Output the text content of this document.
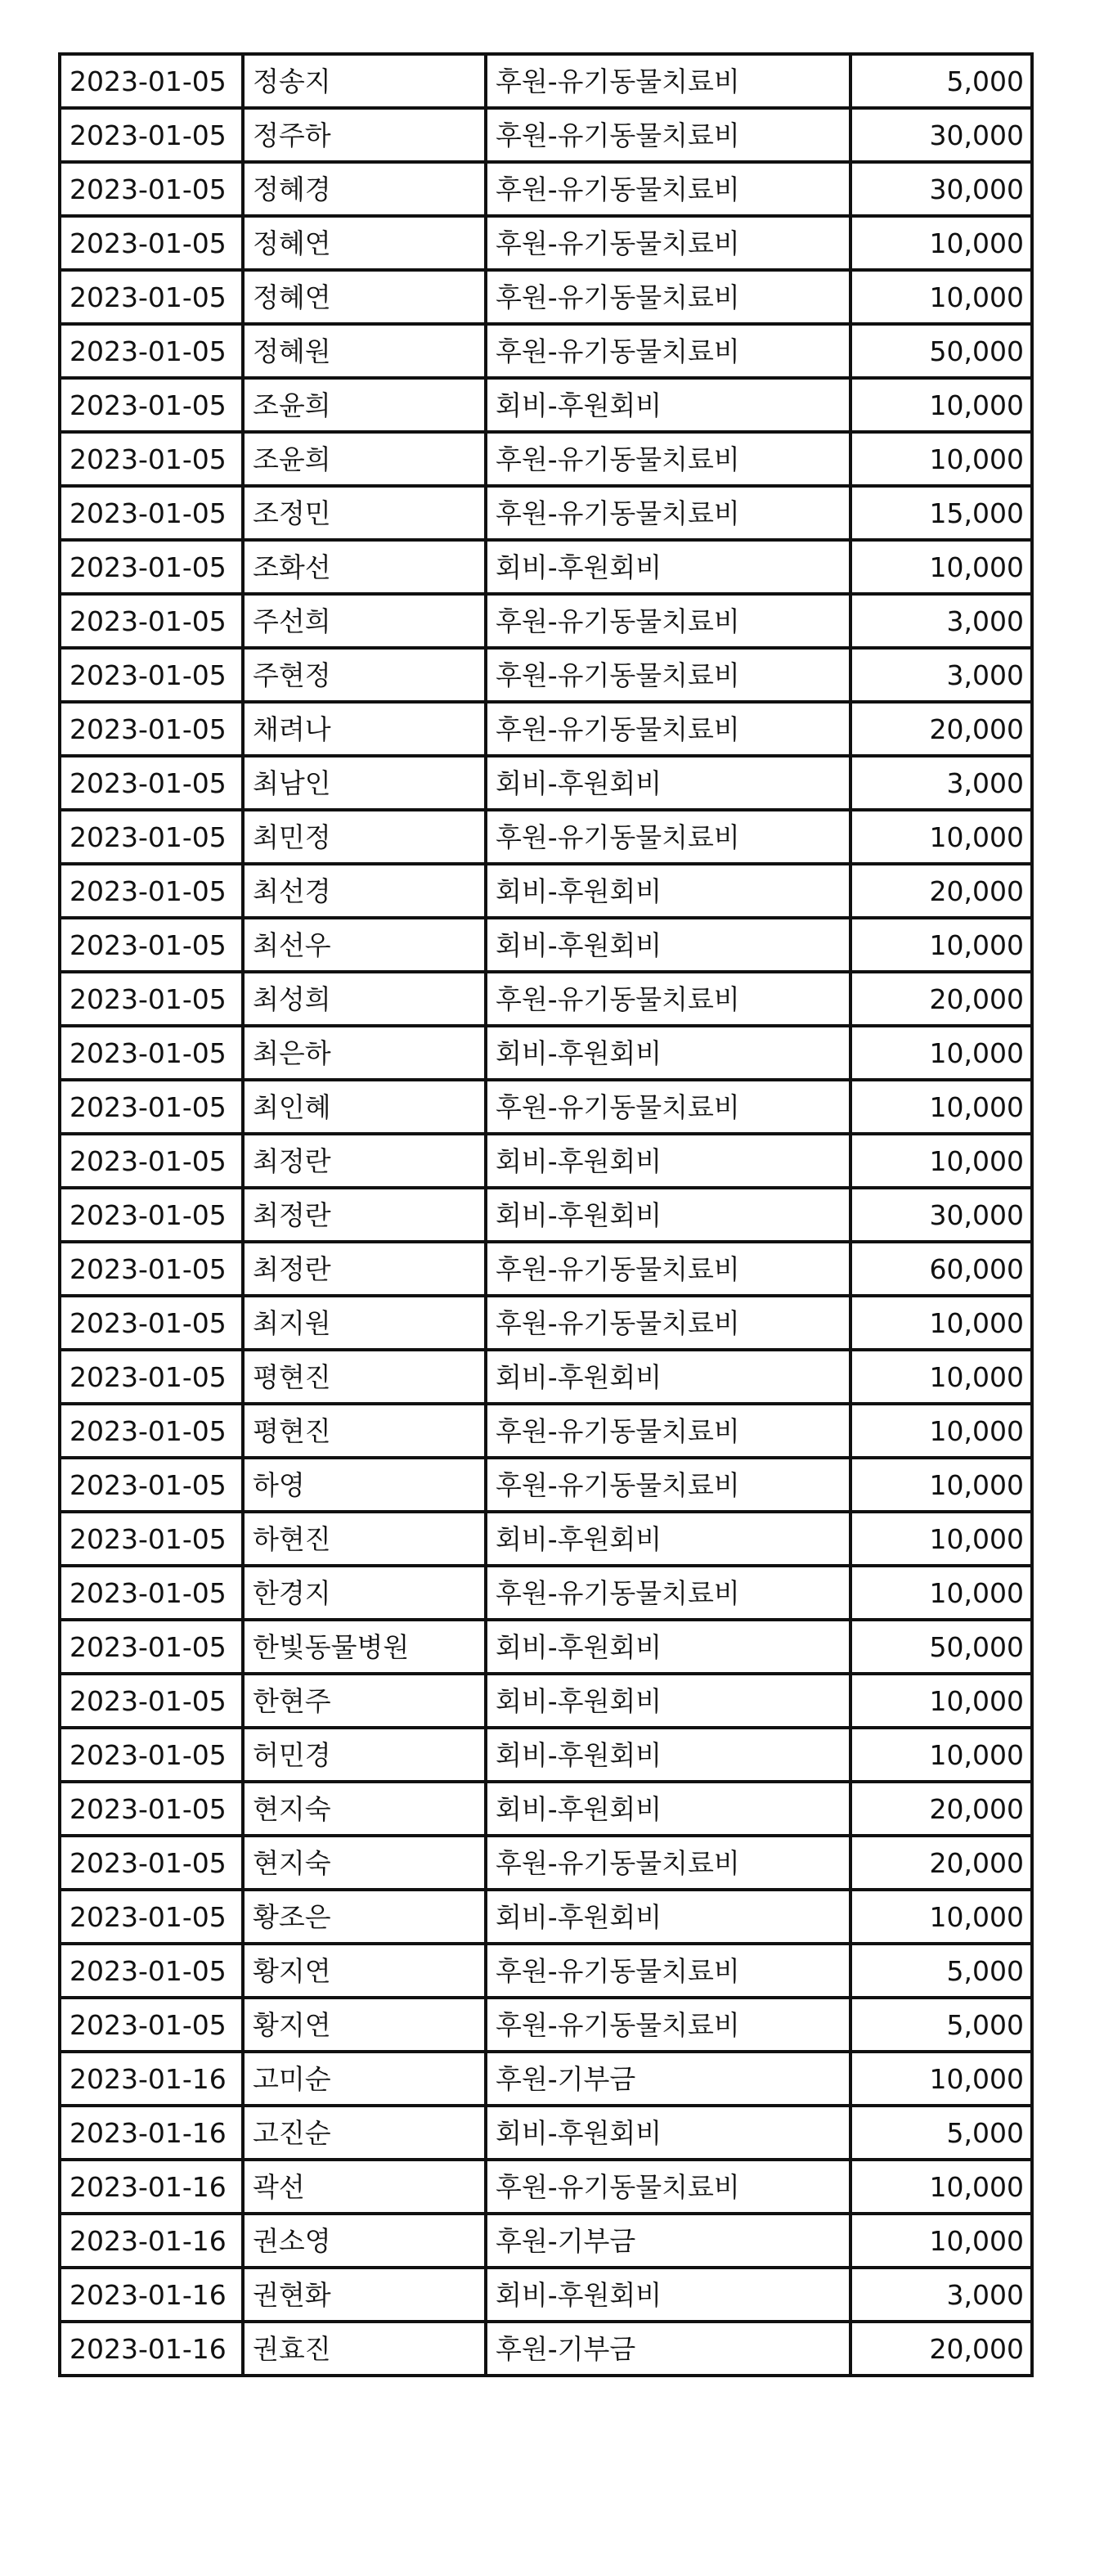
2023-01-05	정송지	후원-유기동물치료비	5,000
2023-01-05	정주하	후원-유기동물치료비	30,000
2023-01-05	정혜경	후원-유기동물치료비	30,000
2023-01-05	정혜연	후원-유기동물치료비	10,000
2023-01-05	정혜연	후원-유기동물치료비	10,000
2023-01-05	정혜원	후원-유기동물치료비	50,000
2023-01-05	조윤희	회비-후원회비	10,000
2023-01-05	조윤희	후원-유기동물치료비	10,000
2023-01-05	조정민	후원-유기동물치료비	15,000
2023-01-05	조화선	회비-후원회비	10,000
2023-01-05	주선희	후원-유기동물치료비	3,000
2023-01-05	주현정	후원-유기동물치료비	3,000
2023-01-05	채려나	후원-유기동물치료비	20,000
2023-01-05	최남인	회비-후원회비	3,000
2023-01-05	최민정	후원-유기동물치료비	10,000
2023-01-05	최선경	회비-후원회비	20,000
2023-01-05	최선우	회비-후원회비	10,000
2023-01-05	최성희	후원-유기동물치료비	20,000
2023-01-05	최은하	회비-후원회비	10,000
2023-01-05	최인혜	후원-유기동물치료비	10,000
2023-01-05	최정란	회비-후원회비	10,000
2023-01-05	최정란	회비-후원회비	30,000
2023-01-05	최정란	후원-유기동물치료비	60,000
2023-01-05	최지원	후원-유기동물치료비	10,000
2023-01-05	평현진	회비-후원회비	10,000
2023-01-05	평현진	후원-유기동물치료비	10,000
2023-01-05	하영	후원-유기동물치료비	10,000
2023-01-05	하현진	회비-후원회비	10,000
2023-01-05	한경지	후원-유기동물치료비	10,000
2023-01-05	한빛동물병원	회비-후원회비	50,000
2023-01-05	한현주	회비-후원회비	10,000
2023-01-05	허민경	회비-후원회비	10,000
2023-01-05	현지숙	회비-후원회비	20,000
2023-01-05	현지숙	후원-유기동물치료비	20,000
2023-01-05	황조은	회비-후원회비	10,000
2023-01-05	황지연	후원-유기동물치료비	5,000
2023-01-05	황지연	후원-유기동물치료비	5,000
2023-01-16	고미순	후원-기부금	10,000
2023-01-16	고진순	회비-후원회비	5,000
2023-01-16	곽선	후원-유기동물치료비	10,000
2023-01-16	권소영	후원-기부금	10,000
2023-01-16	권현화	회비-후원회비	3,000
2023-01-16	권효진	후원-기부금	20,000
